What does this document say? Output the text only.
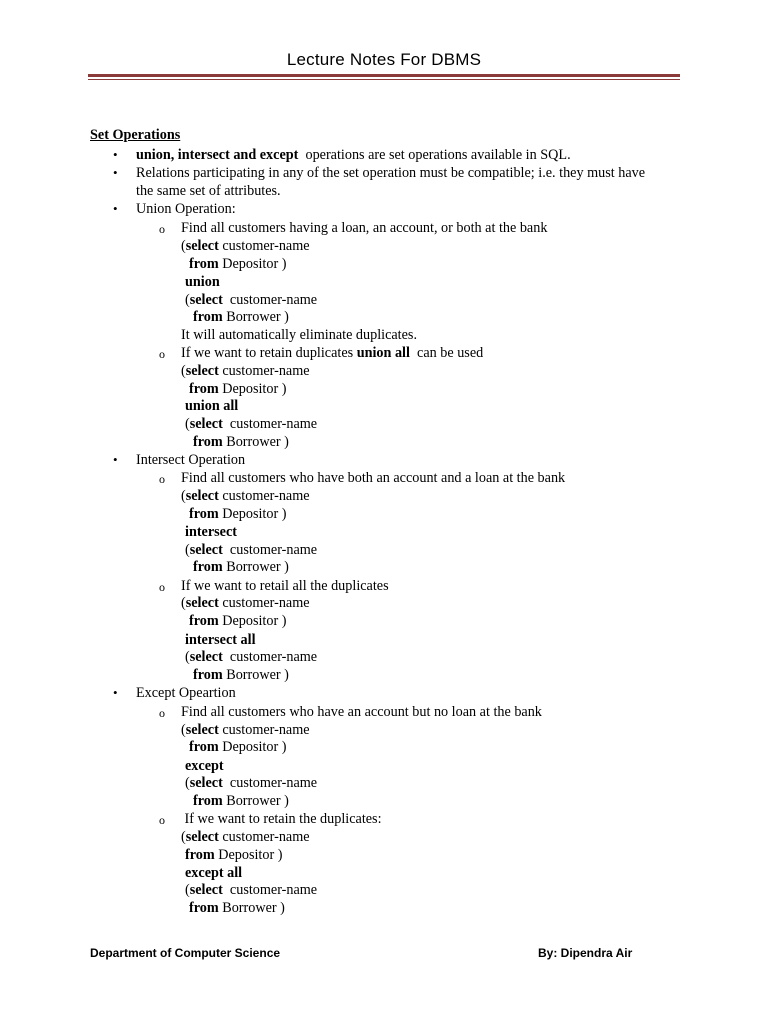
Lecture Notes For DBMS
Set Operations
•
•
•
•
•
o
o
o
o
o
o
union, intersect and except  operations are set operations available in SQL.
Relations participating in any of the set operation must be compatible; i.e. they must have
the same set of attributes.
Union Operation:
Find all customers having a loan, an account, or both at the bank
(select customer-name
from Depositor )
union
(select  customer-name
from Borrower )
It will automatically eliminate duplicates.
If we want to retain duplicates union all  can be used
(select customer-name
from Depositor )
union all
(select  customer-name
from Borrower )
Intersect Operation
Find all customers who have both an account and a loan at the bank
(select customer-name
from Depositor )
intersect
(select  customer-name
from Borrower )
If we want to retail all the duplicates
(select customer-name
from Depositor )
intersect all
(select  customer-name
from Borrower )
Except Opeartion
Find all customers who have an account but no loan at the bank
(select customer-name
from Depositor )
except
(select  customer-name
from Borrower )
If we want to retain the duplicates:
(select customer-name
from Depositor )
except all
(select  customer-name
from Borrower )
Department of Computer Science	By: Dipendra Air
